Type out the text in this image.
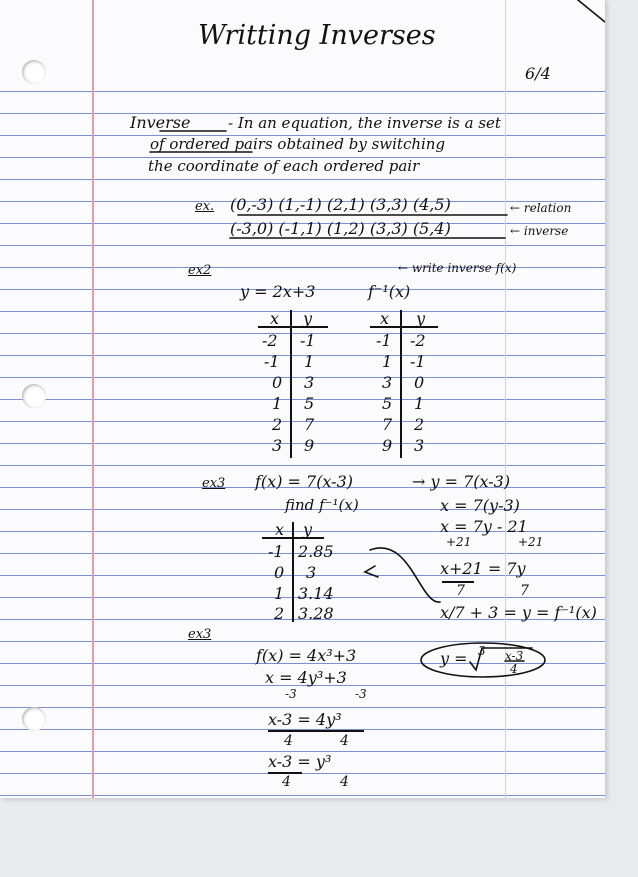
Writting Inverses
6/4
Inverse	- In an equation, the inverse is a set
of ordered pairs obtained by switching
the coordinate of each ordered pair
ex. (0,-3) (1,-1) (2,1) (3,3) (4,5)	← relation
(-3,0) (-1,1) (1,2) (3,3) (5,4)	← inverse
ex2	← write inverse f(x)
y = 2x+3	f⁻¹(x)
x y
-2 -1
-1 1
0 3
1 5
2 7
3 9
x y
-1 -2
1 -1
3 0
5 1
7 2
9 3
ex3 f(x) = 7(x-3)
find f⁻¹(x)
x y
-1 2.85
0 3
1 3.14
2 3.28
→ y = 7(x-3)
x = 7(y-3)
x = 7y - 21
+21	+21
x+21 = 7y
7	7
x/7 + 3 = y = f⁻¹(x)
ex3
f(x) = 4x³+3
x = 4y³+3
-3	-3
x-3 = 4y³
4	4
x-3 = y³
4	4
y = 3 x-3
4
